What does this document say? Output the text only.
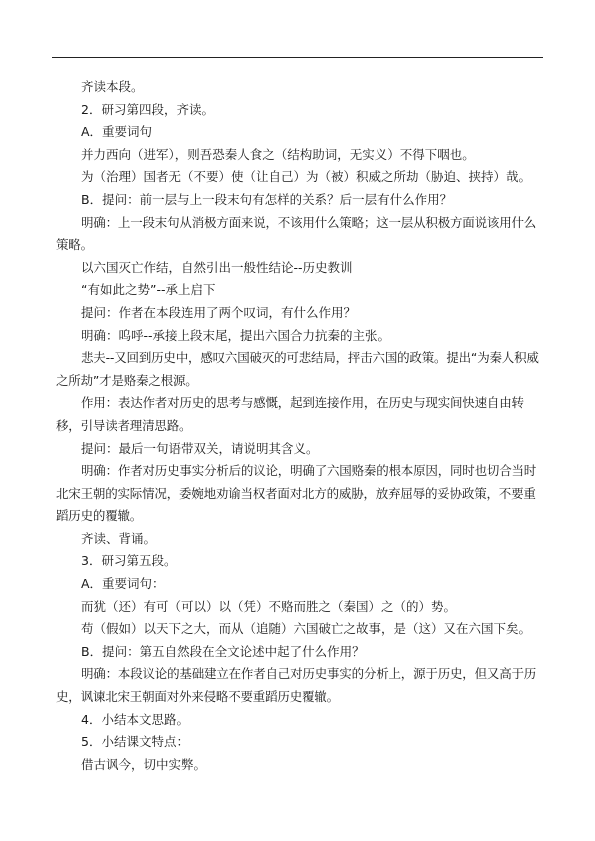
齐读本段。

2．研习第四段，齐读。

A．重要词句

并力西向（进军），则吾恐秦人食之（结构助词，无实义）不得下咽也。

为（治理）国者无（不要）使（让自己）为（被）积威之所劫（胁迫、挟持）哉。

B．提问：前一层与上一段末句有怎样的关系？后一层有什么作用？

明确：上一段末句从消极方面来说，不该用什么策略；这一层从积极方面说该用什么策略。

以六国灭亡作结，自然引出一般性结论--历史教训

“有如此之势”--承上启下

提问：作者在本段连用了两个叹词，有什么作用？

明确：呜呼--承接上段末尾，提出六国合力抗秦的主张。

悲夫--又回到历史中，感叹六国破灭的可悲结局，抨击六国的政策。提出“为秦人积威之所劫”才是赂秦之根源。

作用：表达作者对历史的思考与感慨，起到连接作用，在历史与现实间快速自由转移，引导读者理清思路。

提问：最后一句语带双关，请说明其含义。

明确：作者对历史事实分析后的议论，明确了六国赂秦的根本原因，同时也切合当时北宋王朝的实际情况，委婉地劝谕当权者面对北方的威胁，放弃屈辱的妥协政策，不要重蹈历史的覆辙。

齐读、背诵。

3．研习第五段。

A．重要词句：

而犹（还）有可（可以）以（凭）不赂而胜之（秦国）之（的）势。

苟（假如）以天下之大，而从（追随）六国破亡之故事，是（这）又在六国下矣。

B．提问：第五自然段在全文论述中起了什么作用？

明确：本段议论的基础建立在作者自己对历史事实的分析上，源于历史，但又高于历史，讽谏北宋王朝面对外来侵略不要重蹈历史覆辙。

4．小结本文思路。

5．小结课文特点：

借古讽今，切中实弊。
